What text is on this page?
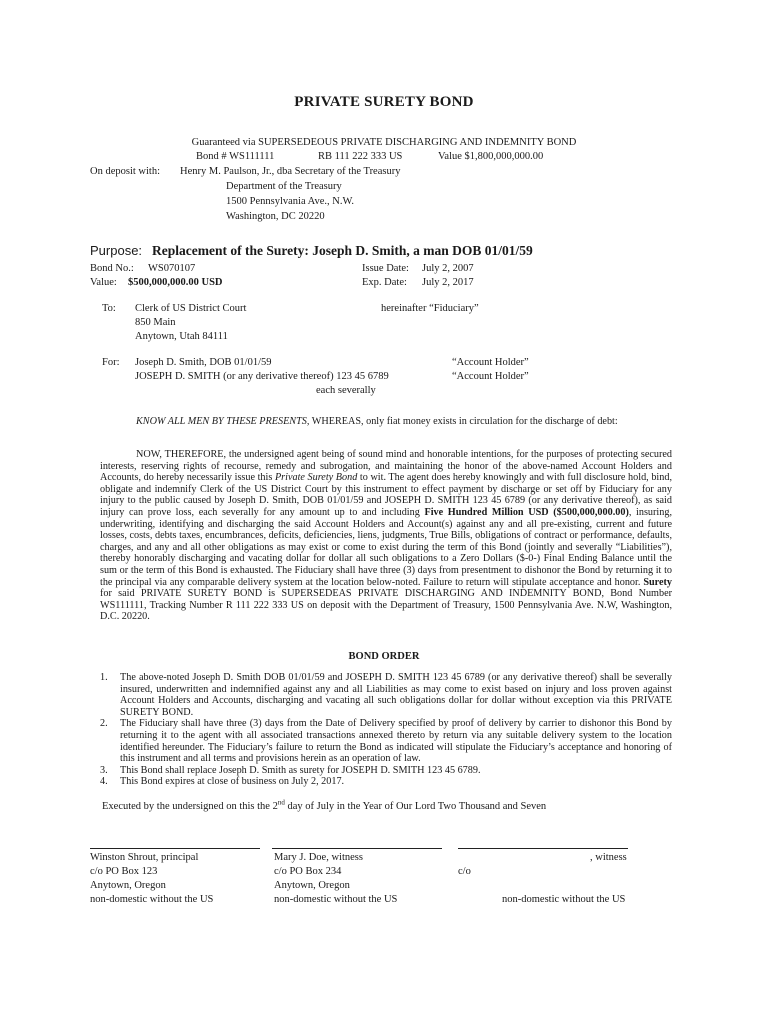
PRIVATE SURETY BOND
Guaranteed via SUPERSEDEOUS PRIVATE DISCHARGING AND INDEMNITY BOND
Bond # WS111111	RB 111 222 333 US	Value $1,800,000,000.00
On deposit with: Henry M. Paulson, Jr., dba Secretary of the Treasury
Department of the Treasury
1500 Pennsylvania Ave., N.W.
Washington, DC 20220
Purpose: Replacement of the Surety: Joseph D. Smith, a man DOB 01/01/59
Bond No.: WS070107	Issue Date: July 2, 2007
Value: $500,000,000.00 USD	Exp. Date: July 2, 2017
To: Clerk of US District Court	hereinafter “Fiduciary”
850 Main
Anytown, Utah 84111
For: Joseph D. Smith, DOB 01/01/59	“Account Holder”
JOSEPH D. SMITH (or any derivative thereof) 123 45 6789	“Account Holder”
each severally
KNOW ALL MEN BY THESE PRESENTS, WHEREAS, only fiat money exists in circulation for the discharge of debt:
NOW, THEREFORE, the undersigned agent being of sound mind and honorable intentions, for the purposes of protecting secured interests, reserving rights of recourse, remedy and subrogation, and maintaining the honor of the above-named Account Holders and Accounts, do hereby necessarily issue this Private Surety Bond to wit. The agent does hereby knowingly and with full disclosure hold, bind, obligate and indemnify Clerk of the US District Court by this instrument to effect payment by discharge or set off by Fiduciary for any injury to the public caused by Joseph D. Smith, DOB 01/01/59 and JOSEPH D. SMITH 123 45 6789 (or any derivative thereof), as said injury can prove loss, each severally for any amount up to and including Five Hundred Million USD ($500,000,000.00), insuring, underwriting, identifying and discharging the said Account Holders and Account(s) against any and all pre-existing, current and future losses, costs, debts taxes, encumbrances, deficits, deficiencies, liens, judgments, True Bills, obligations of contract or performance, defaults, charges, and any and all other obligations as may exist or come to exist during the term of this Bond (jointly and severally “Liabilities”), thereby honorably discharging and vacating dollar for dollar all such obligations to a Zero Dollars ($-0-) Final Ending Balance until the sum or the term of this Bond is exhausted. The Fiduciary shall have three (3) days from presentment to dishonor the Bond by returning it to the principal via any comparable delivery system at the location below-noted. Failure to return will stipulate acceptance and honor. Surety for said PRIVATE SURETY BOND is SUPERSEDEAS PRIVATE DISCHARGING AND INDEMNITY BOND, Bond Number WS111111, Tracking Number R 111 222 333 US on deposit with the Department of Treasury, 1500 Pennsylvania Ave. N.W, Washington, D.C. 20220.
BOND ORDER
1. The above-noted Joseph D. Smith DOB 01/01/59 and JOSEPH D. SMITH 123 45 6789 (or any derivative thereof) shall be severally insured, underwritten and indemnified against any and all Liabilities as may come to exist based on injury and loss proven against Account Holders and Accounts, discharging and vacating all such obligations dollar for dollar without exception via this PRIVATE SURETY BOND.
2. The Fiduciary shall have three (3) days from the Date of Delivery specified by proof of delivery by carrier to dishonor this Bond by returning it to the agent with all associated transactions annexed thereto by return via any suitable delivery system to the location identified hereunder. The Fiduciary’s failure to return the Bond as indicated will stipulate the Fiduciary’s acceptance and honoring of this instrument and all terms and provisions herein as an operation of law.
3. This Bond shall replace Joseph D. Smith as surety for JOSEPH D. SMITH 123 45 6789.
4. This Bond expires at close of business on July 2, 2017.
Executed by the undersigned on this the 2nd day of July in the Year of Our Lord Two Thousand and Seven
Winston Shrout, principal
c/o PO Box 123
Anytown, Oregon
non-domestic without the US
Mary J. Doe, witness
c/o PO Box 234
Anytown, Oregon
non-domestic without the US
, witness
c/o
non-domestic without the US
